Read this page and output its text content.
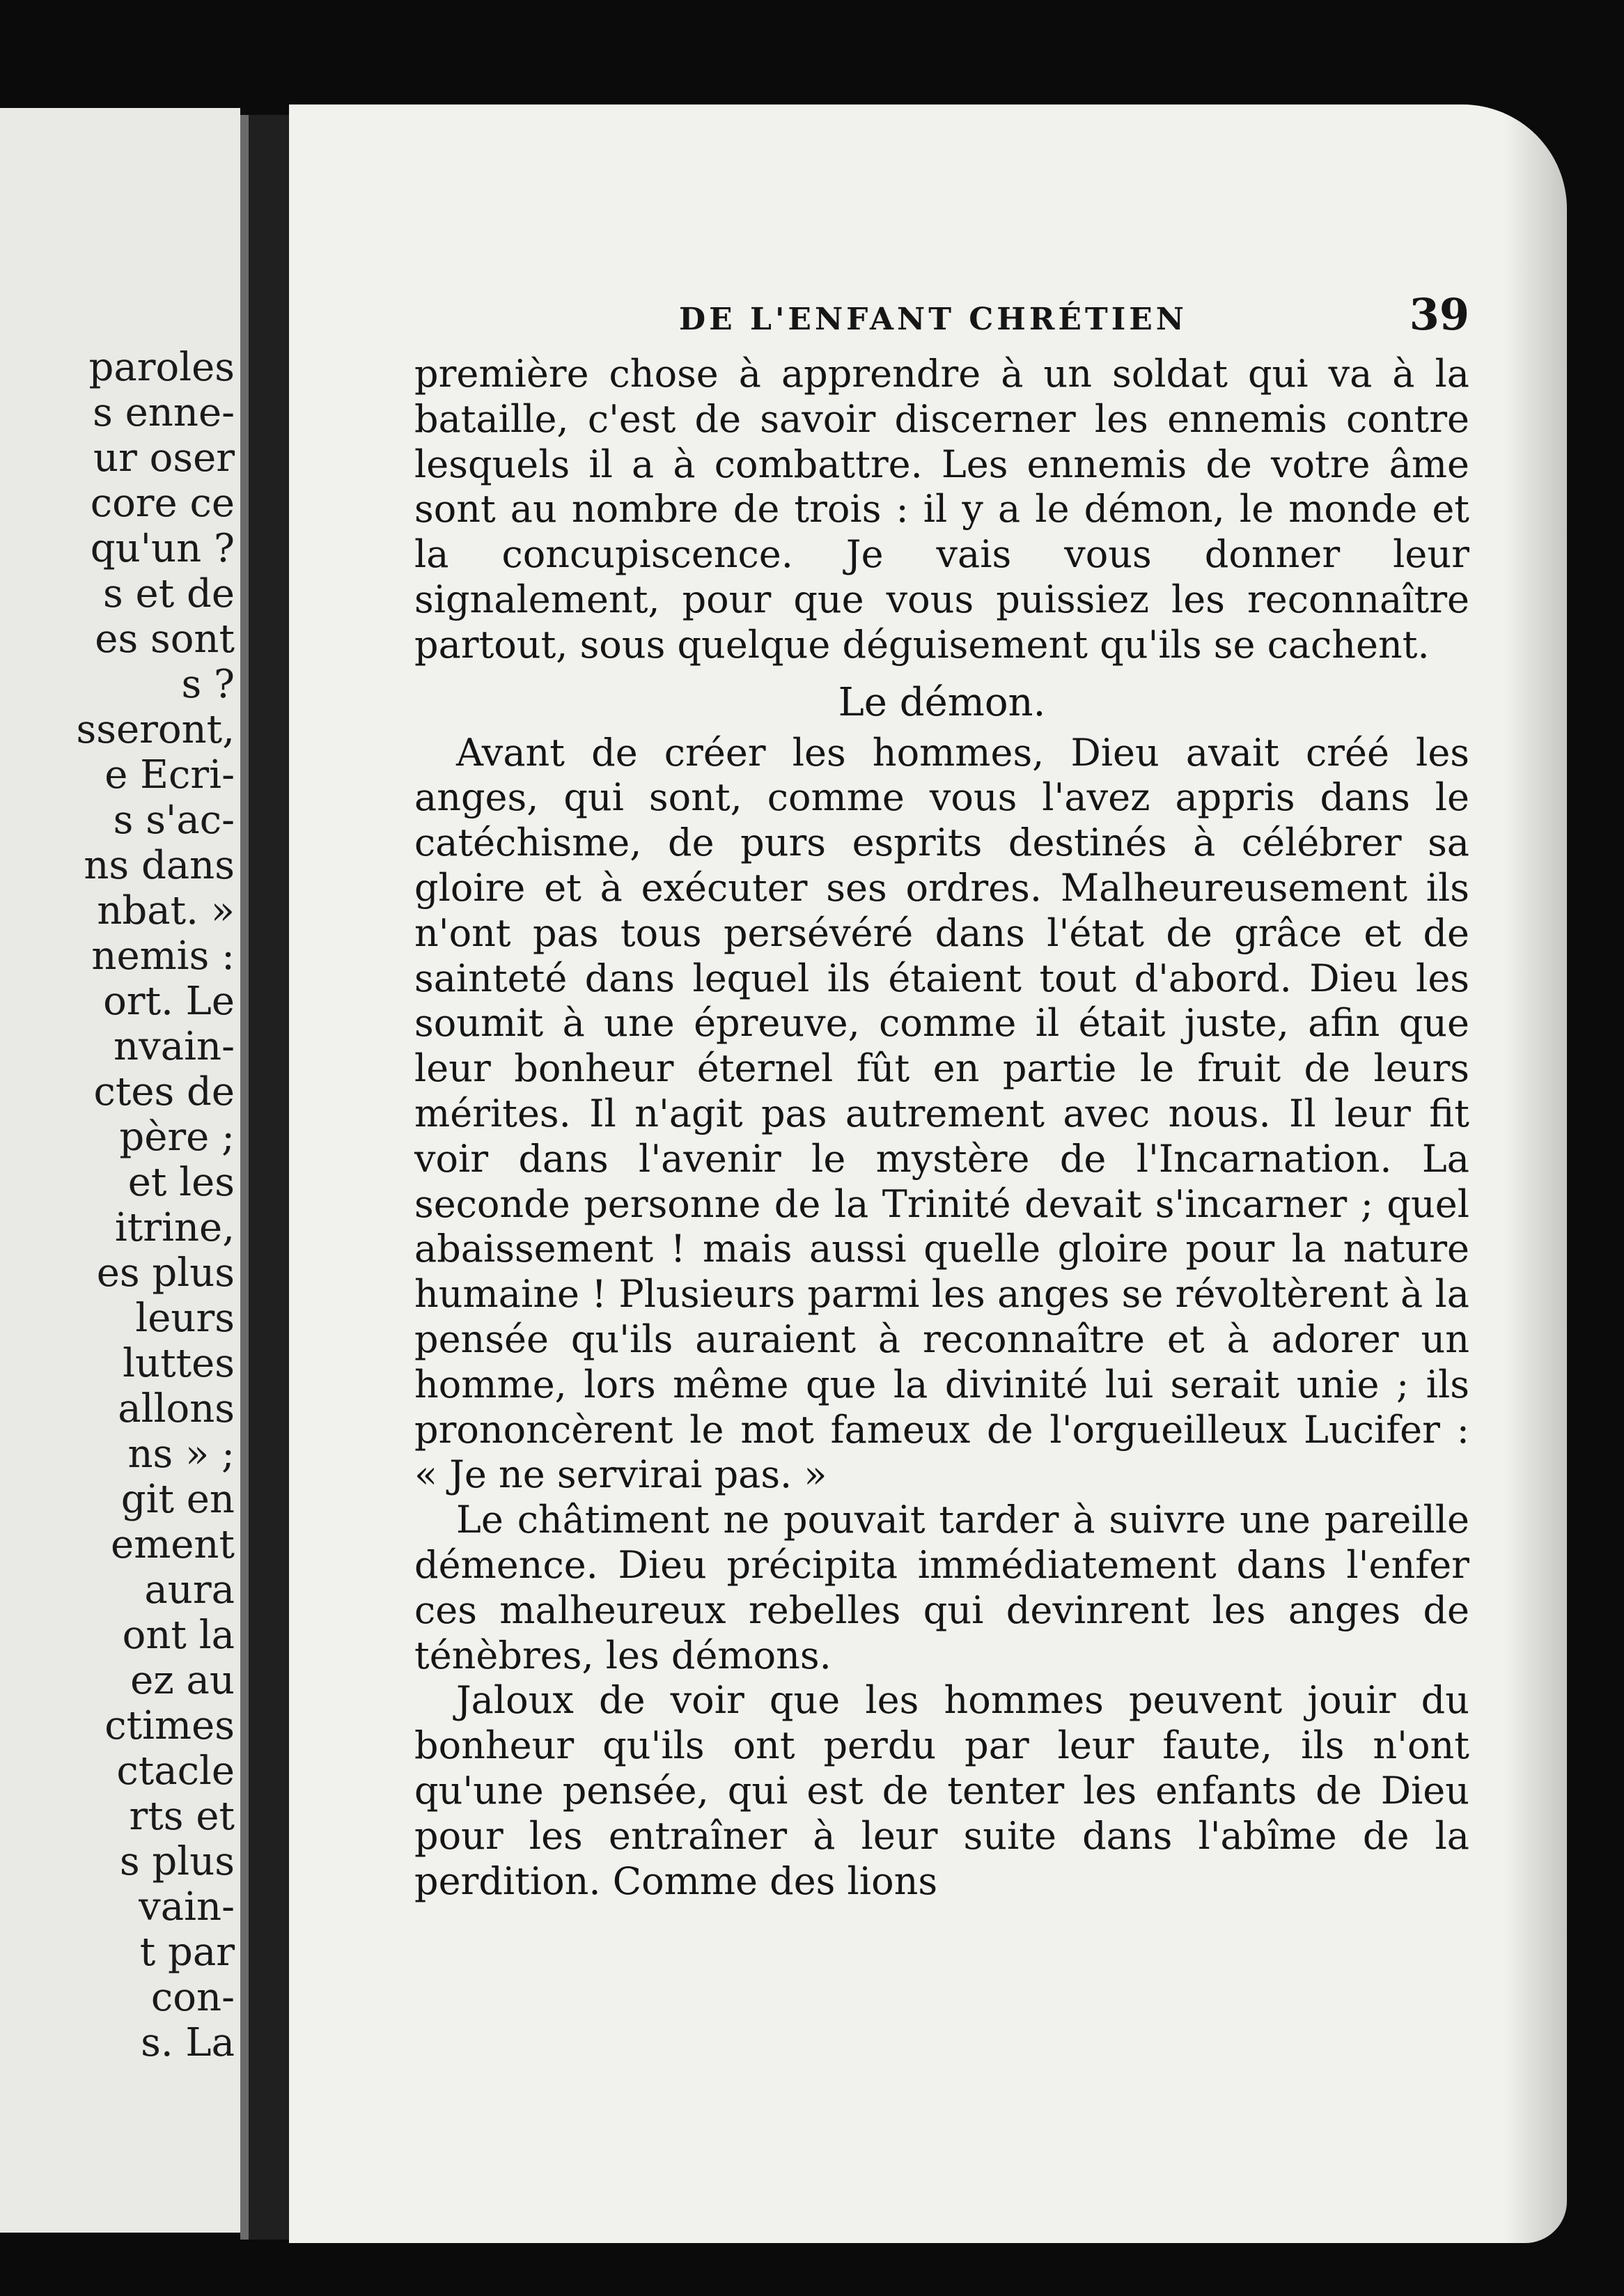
paroles
s enne-
ur oser
core ce
qu'un ?
s et de
es sont
s ?
sseront,
e Ecri-
s s'ac-
ns dans
nbat. »
nemis :
ort. Le
nvain-
ctes de
père ;
et les
itrine,
es plus
leurs
luttes
allons
ns » ;
git en
ement
aura
ont la
ez au
ctimes
ctacle
rts et
s plus
vain-
t par
con-
s. La
DE L'ENFANT CHRÉTIEN	39

première chose à apprendre à un soldat qui va à la bataille, c'est de savoir discerner les ennemis contre lesquels il a à combattre. Les ennemis de votre âme sont au nombre de trois : il y a le démon, le monde et la concupiscence. Je vais vous donner leur signalement, pour que vous puissiez les reconnaître partout, sous quelque déguisement qu'ils se cachent.

Le démon.

Avant de créer les hommes, Dieu avait créé les anges, qui sont, comme vous l'avez appris dans le catéchisme, de purs esprits destinés à célébrer sa gloire et à exécuter ses ordres. Malheureusement ils n'ont pas tous persévéré dans l'état de grâce et de sainteté dans lequel ils étaient tout d'abord. Dieu les soumit à une épreuve, comme il était juste, afin que leur bonheur éternel fût en partie le fruit de leurs mérites. Il n'agit pas autrement avec nous. Il leur fit voir dans l'avenir le mystère de l'Incarnation. La seconde personne de la Trinité devait s'incarner ; quel abaissement ! mais aussi quelle gloire pour la nature humaine ! Plusieurs parmi les anges se révoltèrent à la pensée qu'ils auraient à reconnaître et à adorer un homme, lors même que la divinité lui serait unie ; ils prononcèrent le mot fameux de l'orgueilleux Lucifer : « Je ne servirai pas. »

Le châtiment ne pouvait tarder à suivre une pareille démence. Dieu précipita immédiatement dans l'enfer ces malheureux rebelles qui devinrent les anges de ténèbres, les démons.

Jaloux de voir que les hommes peuvent jouir du bonheur qu'ils ont perdu par leur faute, ils n'ont qu'une pensée, qui est de tenter les enfants de Dieu pour les entraîner à leur suite dans l'abîme de la perdition. Comme des lions
